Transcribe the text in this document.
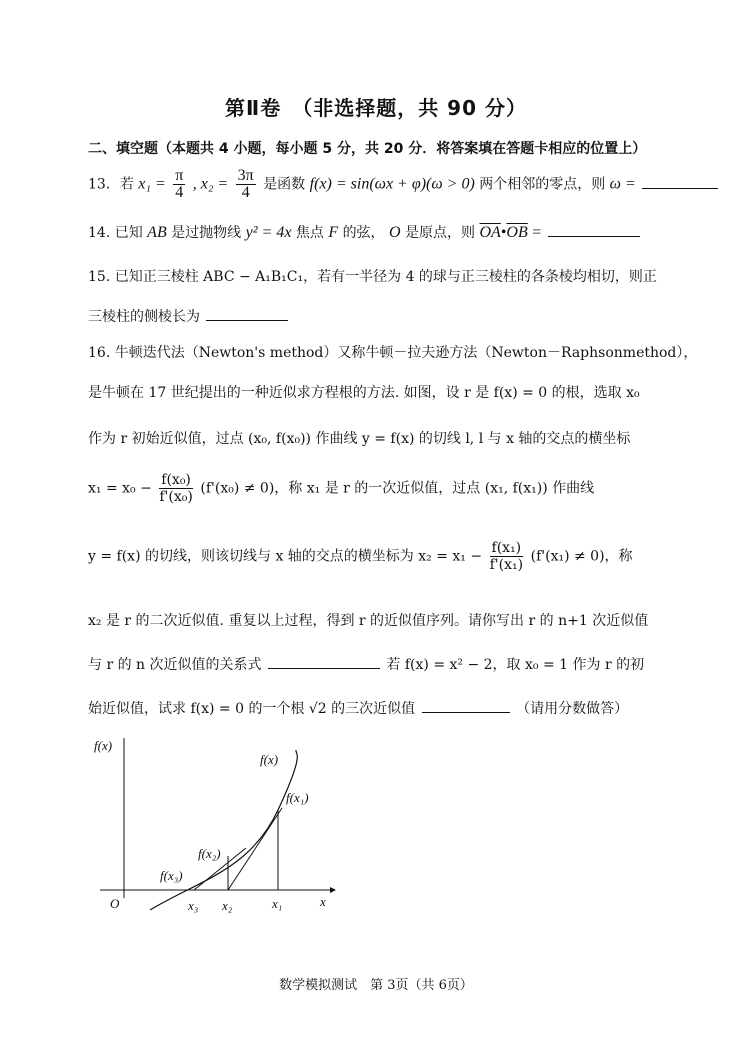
第Ⅱ卷　（非选择题，共 90 分）
二、填空题（本题共 4 小题，每小题 5 分，共 20 分．将答案填在答题卡相应的位置上）
13．若 $x_1 = \frac{\pi}{4}$ , $x_2 = \frac{3\pi}{4}$ 是函数 f(x) = sin(ωx + φ)(ω > 0) 两个相邻的零点，则 ω =
14. 已知 AB 是过抛物线 y² = 4x 焦点 F 的弦， O 是原点，则 $\overline{OA}•\overline{OB}$ =
15. 已知正三棱柱 ABC − A₁B₁C₁，若有一半径为 4 的球与正三棱柱的各条棱均相切，则正
三棱柱的侧棱长为
16. 牛顿迭代法（Newton's method）又称牛顿－拉夫逊方法（Newton－Raphsonmethod），
是牛顿在 17 世纪提出的一种近似求方程根的方法. 如图，设 r 是 f(x) = 0 的根，选取 x₀
作为 r 初始近似值，过点 (x₀, f(x₀)) 作曲线 y = f(x) 的切线 l, l 与 x 轴的交点的横坐标
$x_1 = x_0 - \frac{\text{f(x₀)}}{\text{f'(x₀)}} (f'(x_0) \ne 0)$，称 x₁ 是 r 的一次近似值，过点 (x₁, f(x₁)) 作曲线
y = f(x) 的切线，则该切线与 x 轴的交点的横坐标为 $x_2 = x_1 - \frac{\text{f(x₁)}}{\text{f'(x₁)}} (f'(x_1) \ne 0)$，称
x₂ 是 r 的二次近似值. 重复以上过程，得到 r 的近似值序列。请你写出 r 的 n+1 次近似值
与 r 的 n 次近似值的关系式	若 f(x) = x² − 2，取 x₀ = 1 作为 r 的初
始近似值，试求 f(x) = 0 的一个根 √2 的三次近似值	（请用分数做答）
f(x)
O	x
f(x)
f(x₁)
f(x₂)
f(x₃)
x₃ x₂	x₁
数学模拟测试　第 3页（共 6页）
